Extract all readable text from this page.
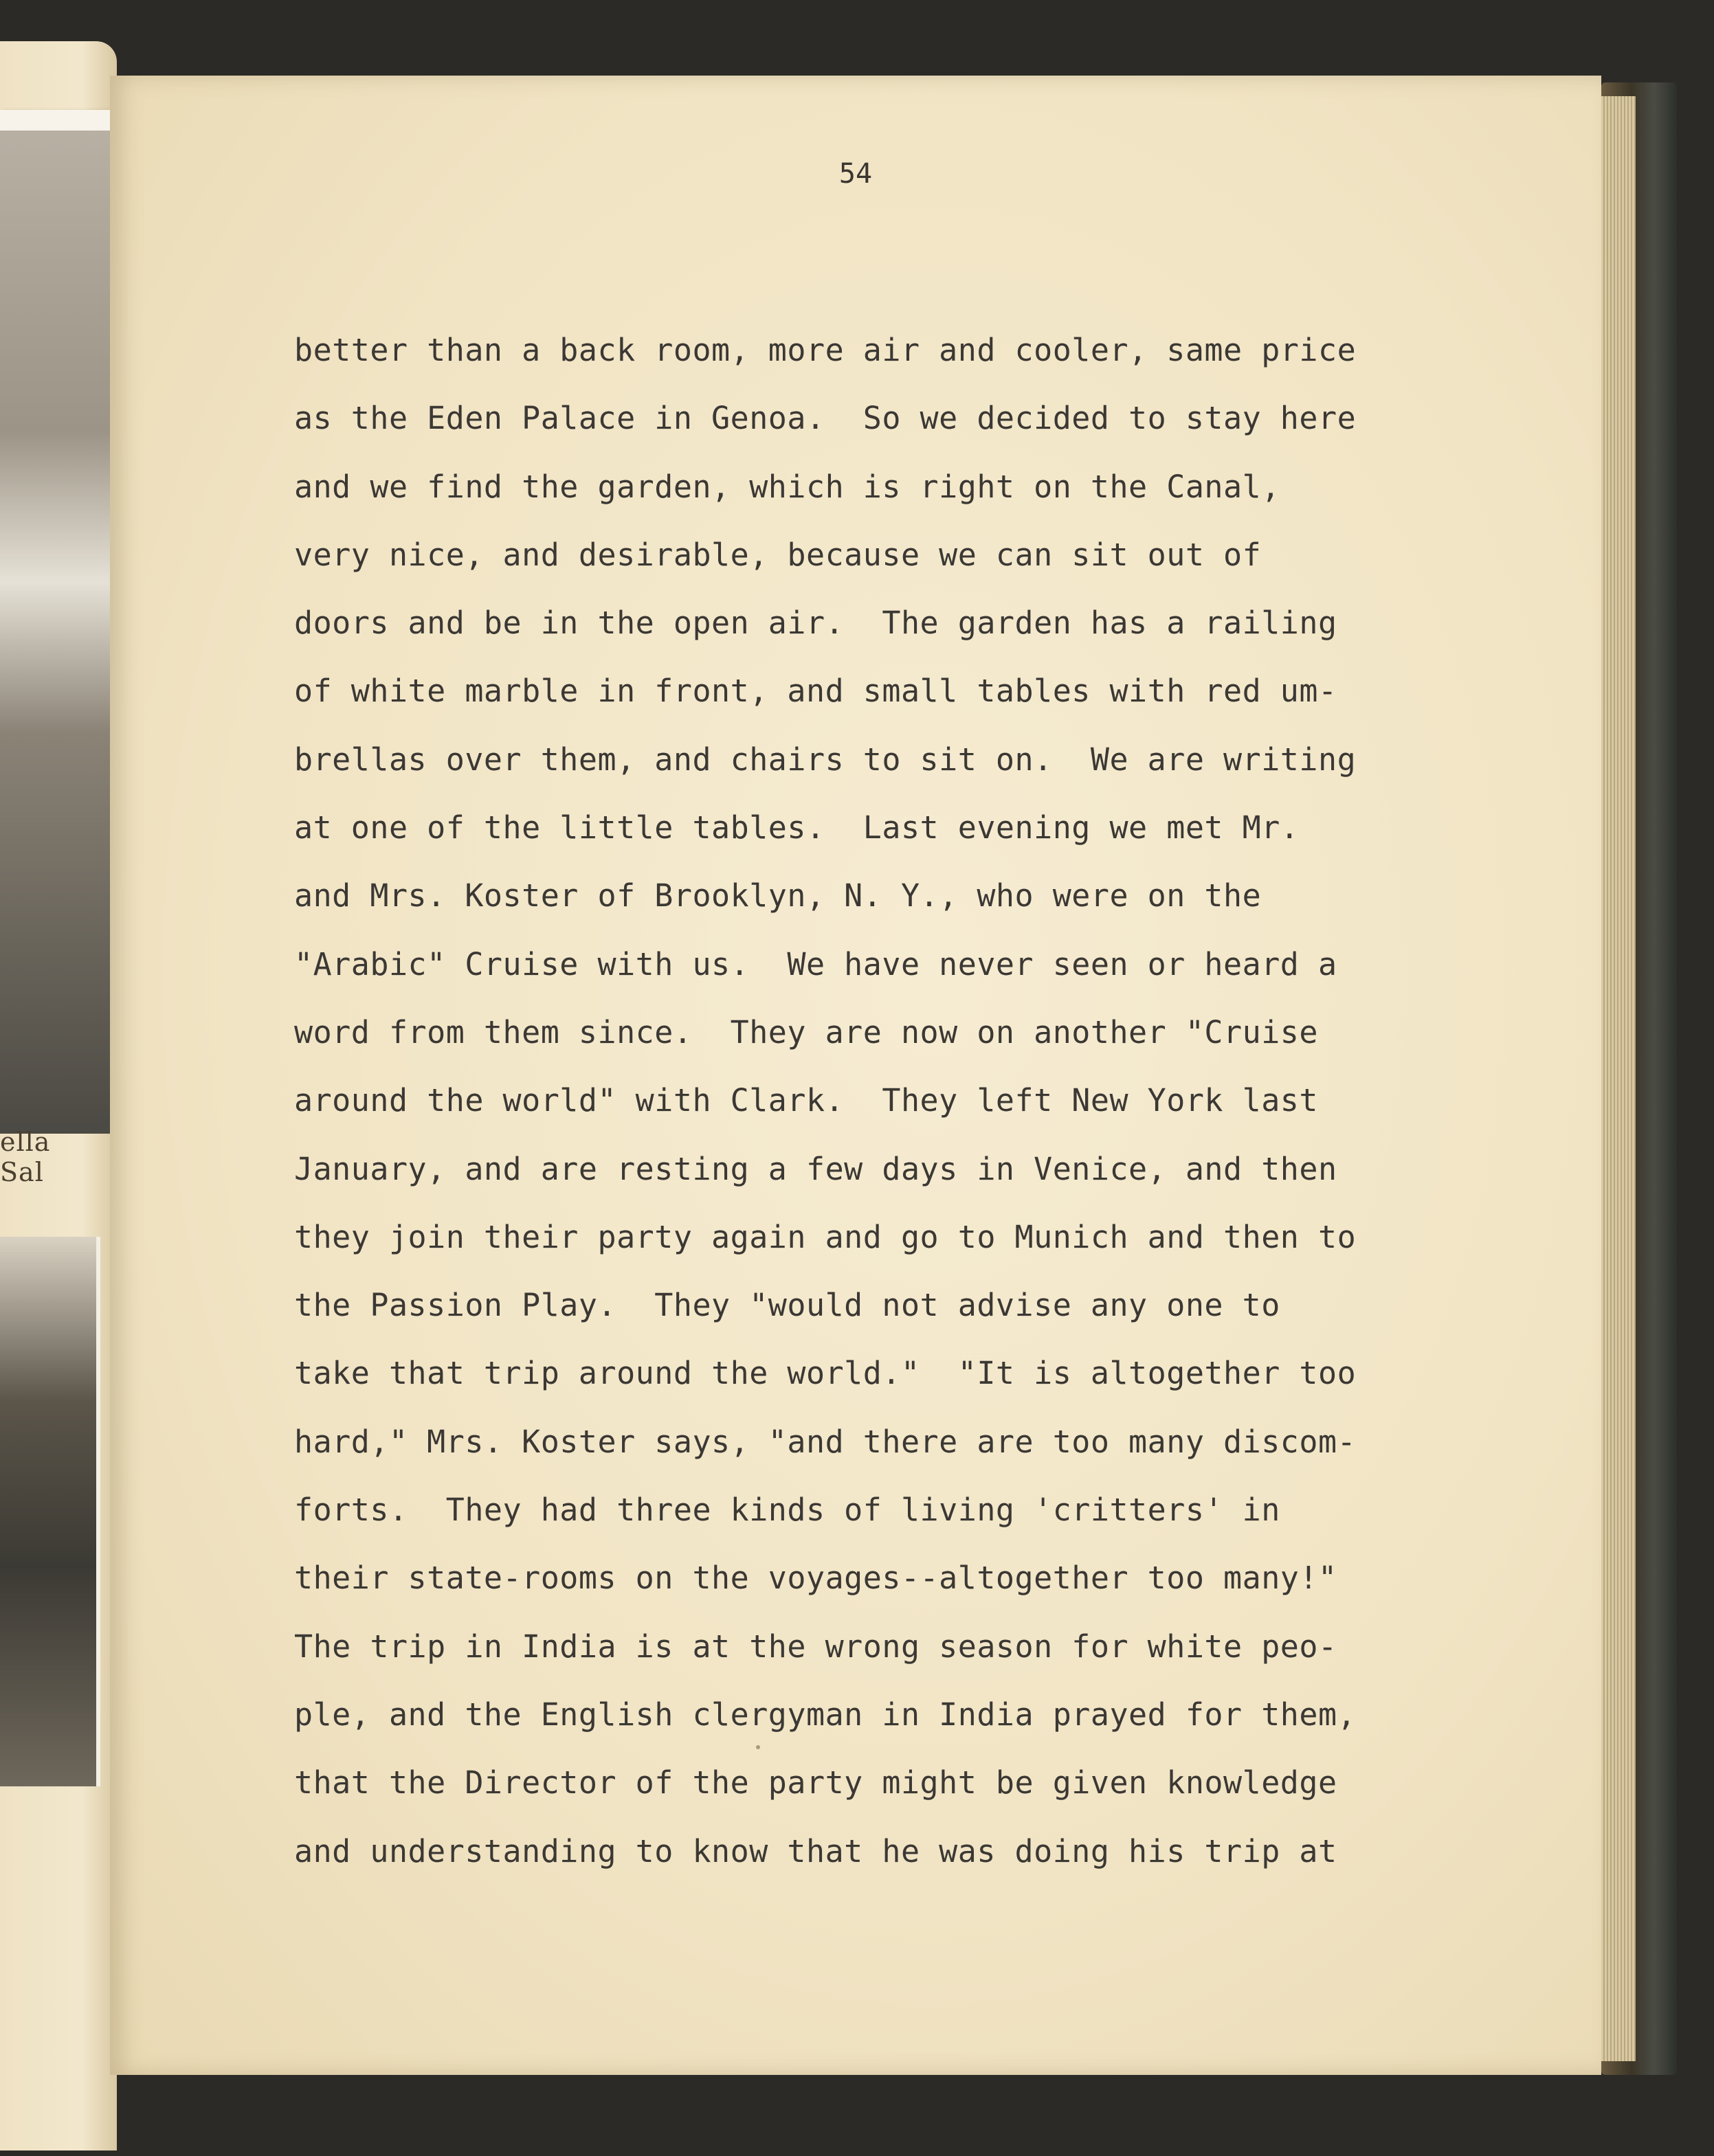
ella Sal
54
better than a back room, more air and cooler, same price
as the Eden Palace in Genoa.  So we decided to stay here
and we find the garden, which is right on the Canal,
very nice, and desirable, because we can sit out of
doors and be in the open air.  The garden has a railing
of white marble in front, and small tables with red um-
brellas over them, and chairs to sit on.  We are writing
at one of the little tables.  Last evening we met Mr.
and Mrs. Koster of Brooklyn, N. Y., who were on the
"Arabic" Cruise with us.  We have never seen or heard a
word from them since.  They are now on another "Cruise
around the world" with Clark.  They left New York last
January, and are resting a few days in Venice, and then
they join their party again and go to Munich and then to
the Passion Play.  They "would not advise any one to
take that trip around the world."  "It is altogether too
hard," Mrs. Koster says, "and there are too many discom-
forts.  They had three kinds of living 'critters' in
their state-rooms on the voyages--altogether too many!"
The trip in India is at the wrong season for white peo-
ple, and the English clergyman in India prayed for them,
that the Director of the party might be given knowledge
and understanding to know that he was doing his trip at
